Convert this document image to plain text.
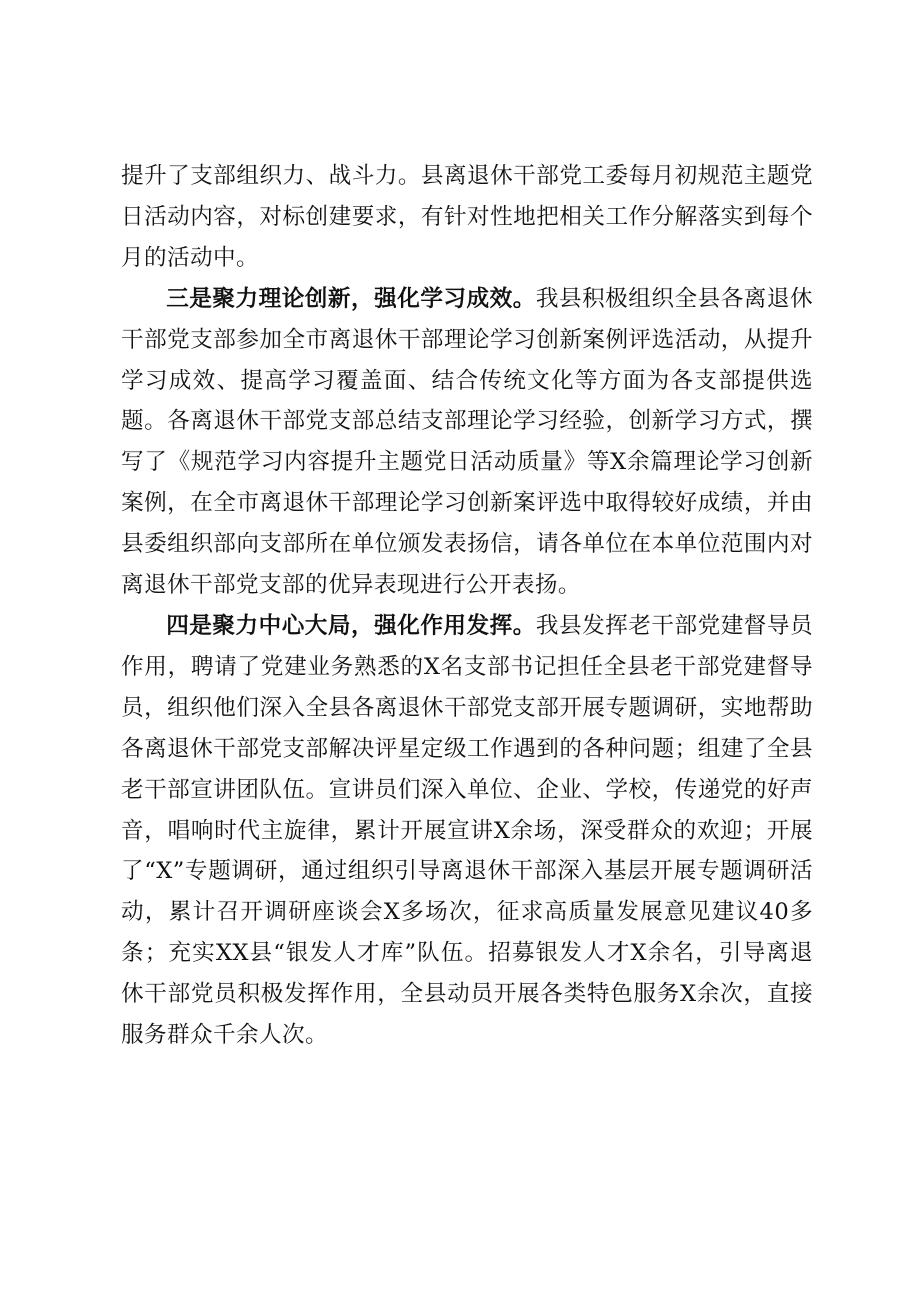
提升了支部组织力、战斗力。县离退休干部党工委每月初规范主题党日活动内容，对标创建要求，有针对性地把相关工作分解落实到每个月的活动中。

三是聚力理论创新，强化学习成效。我县积极组织全县各离退休干部党支部参加全市离退休干部理论学习创新案例评选活动，从提升学习成效、提高学习覆盖面、结合传统文化等方面为各支部提供选题。各离退休干部党支部总结支部理论学习经验，创新学习方式，撰写了《规范学习内容提升主题党日活动质量》等X余篇理论学习创新案例，在全市离退休干部理论学习创新案评选中取得较好成绩，并由县委组织部向支部所在单位颁发表扬信，请各单位在本单位范围内对离退休干部党支部的优异表现进行公开表扬。

四是聚力中心大局，强化作用发挥。我县发挥老干部党建督导员作用，聘请了党建业务熟悉的X名支部书记担任全县老干部党建督导员，组织他们深入全县各离退休干部党支部开展专题调研，实地帮助各离退休干部党支部解决评星定级工作遇到的各种问题；组建了全县老干部宣讲团队伍。宣讲员们深入单位、企业、学校，传递党的好声音，唱响时代主旋律，累计开展宣讲X余场，深受群众的欢迎；开展了“X”专题调研，通过组织引导离退休干部深入基层开展专题调研活动，累计召开调研座谈会X多场次，征求高质量发展意见建议40多条；充实XX县“银发人才库”队伍。招募银发人才X余名，引导离退休干部党员积极发挥作用，全县动员开展各类特色服务X余次，直接服务群众千余人次。
